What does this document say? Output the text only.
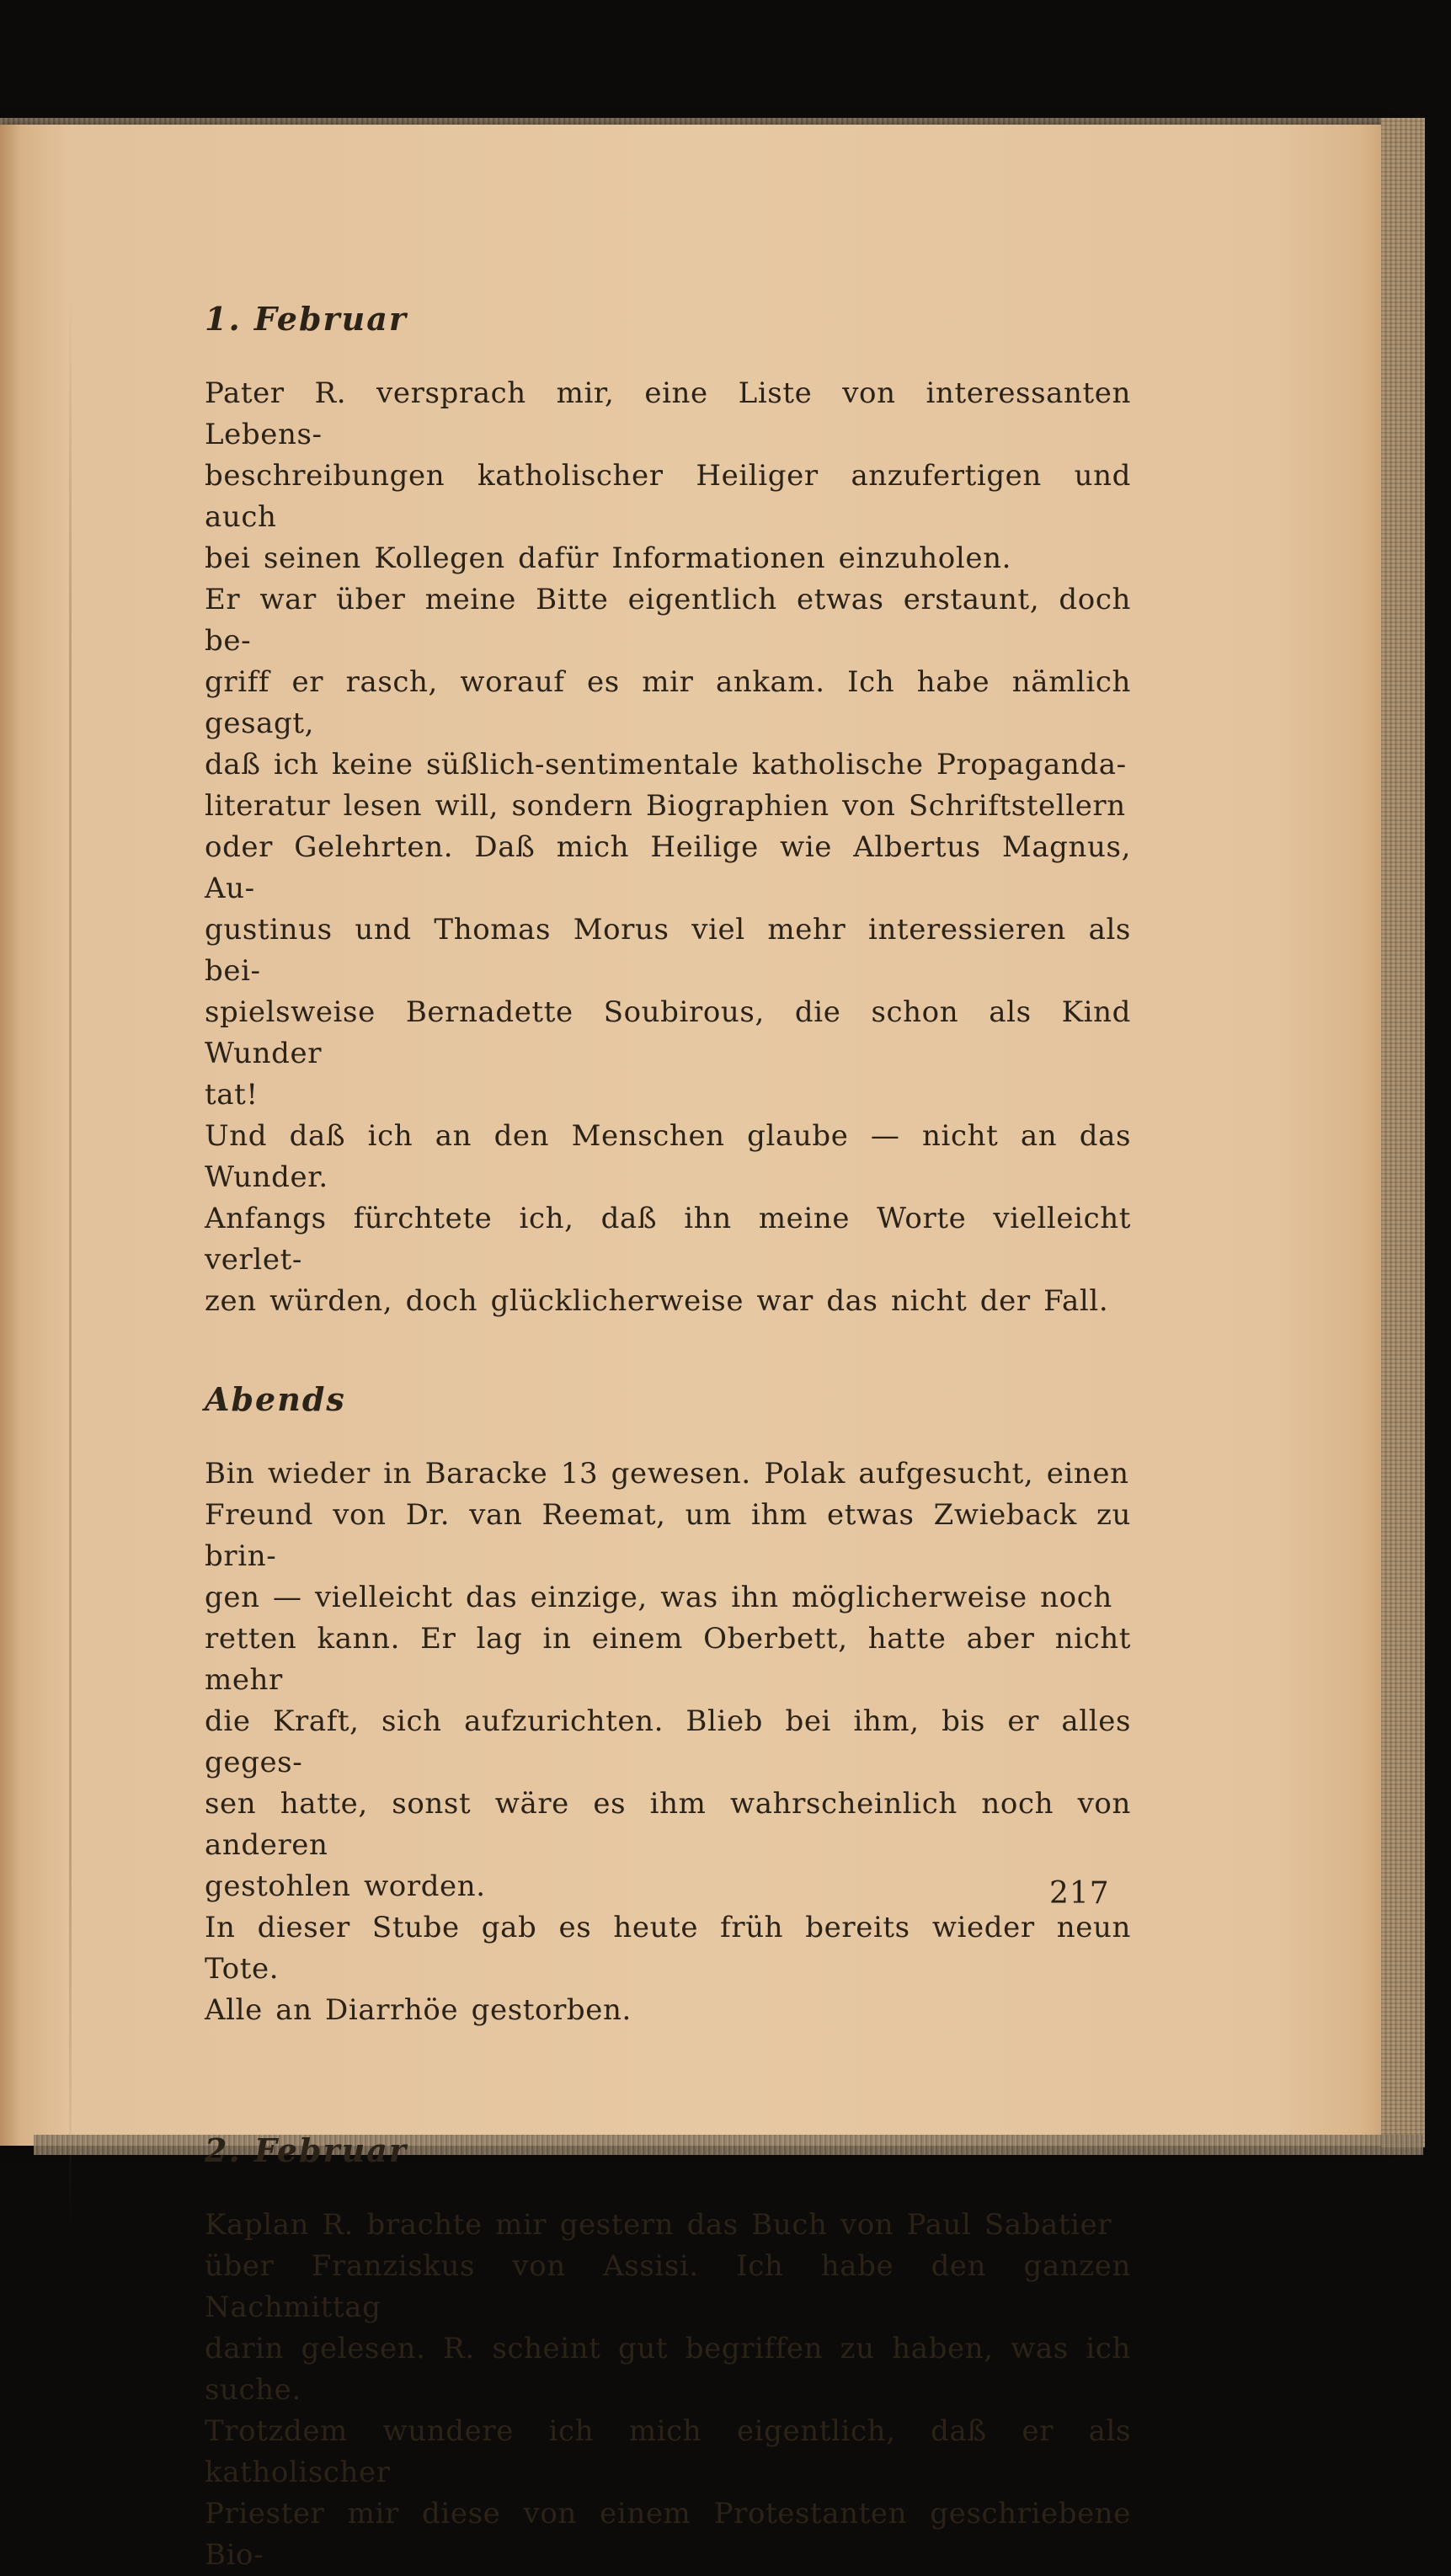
1. Februar

Pater R. versprach mir, eine Liste von interessanten Lebens-
beschreibungen katholischer Heiliger anzufertigen und auch
bei seinen Kollegen dafür Informationen einzuholen.

Er war über meine Bitte eigentlich etwas erstaunt, doch be-
griff er rasch, worauf es mir ankam. Ich habe nämlich gesagt,
daß ich keine süßlich-sentimentale katholische Propaganda-
literatur lesen will, sondern Biographien von Schriftstellern
oder Gelehrten. Daß mich Heilige wie Albertus Magnus, Au-
gustinus und Thomas Morus viel mehr interessieren als bei-
spielsweise Bernadette Soubirous, die schon als Kind Wunder
tat!

Und daß ich an den Menschen glaube — nicht an das Wunder.
Anfangs fürchtete ich, daß ihn meine Worte vielleicht verlet-
zen würden, doch glücklicherweise war das nicht der Fall.

Abends

Bin wieder in Baracke 13 gewesen. Polak aufgesucht, einen
Freund von Dr. van Reemat, um ihm etwas Zwieback zu brin-
gen — vielleicht das einzige, was ihn möglicherweise noch
retten kann. Er lag in einem Oberbett, hatte aber nicht mehr
die Kraft, sich aufzurichten. Blieb bei ihm, bis er alles geges-
sen hatte, sonst wäre es ihm wahrscheinlich noch von anderen
gestohlen worden.

In dieser Stube gab es heute früh bereits wieder neun Tote.
Alle an Diarrhöe gestorben.

2. Februar

Kaplan R. brachte mir gestern das Buch von Paul Sabatier
über Franziskus von Assisi. Ich habe den ganzen Nachmittag
darin gelesen. R. scheint gut begriffen zu haben, was ich suche.
Trotzdem wundere ich mich eigentlich, daß er als katholischer
Priester mir diese von einem Protestanten geschriebene Bio-

217
